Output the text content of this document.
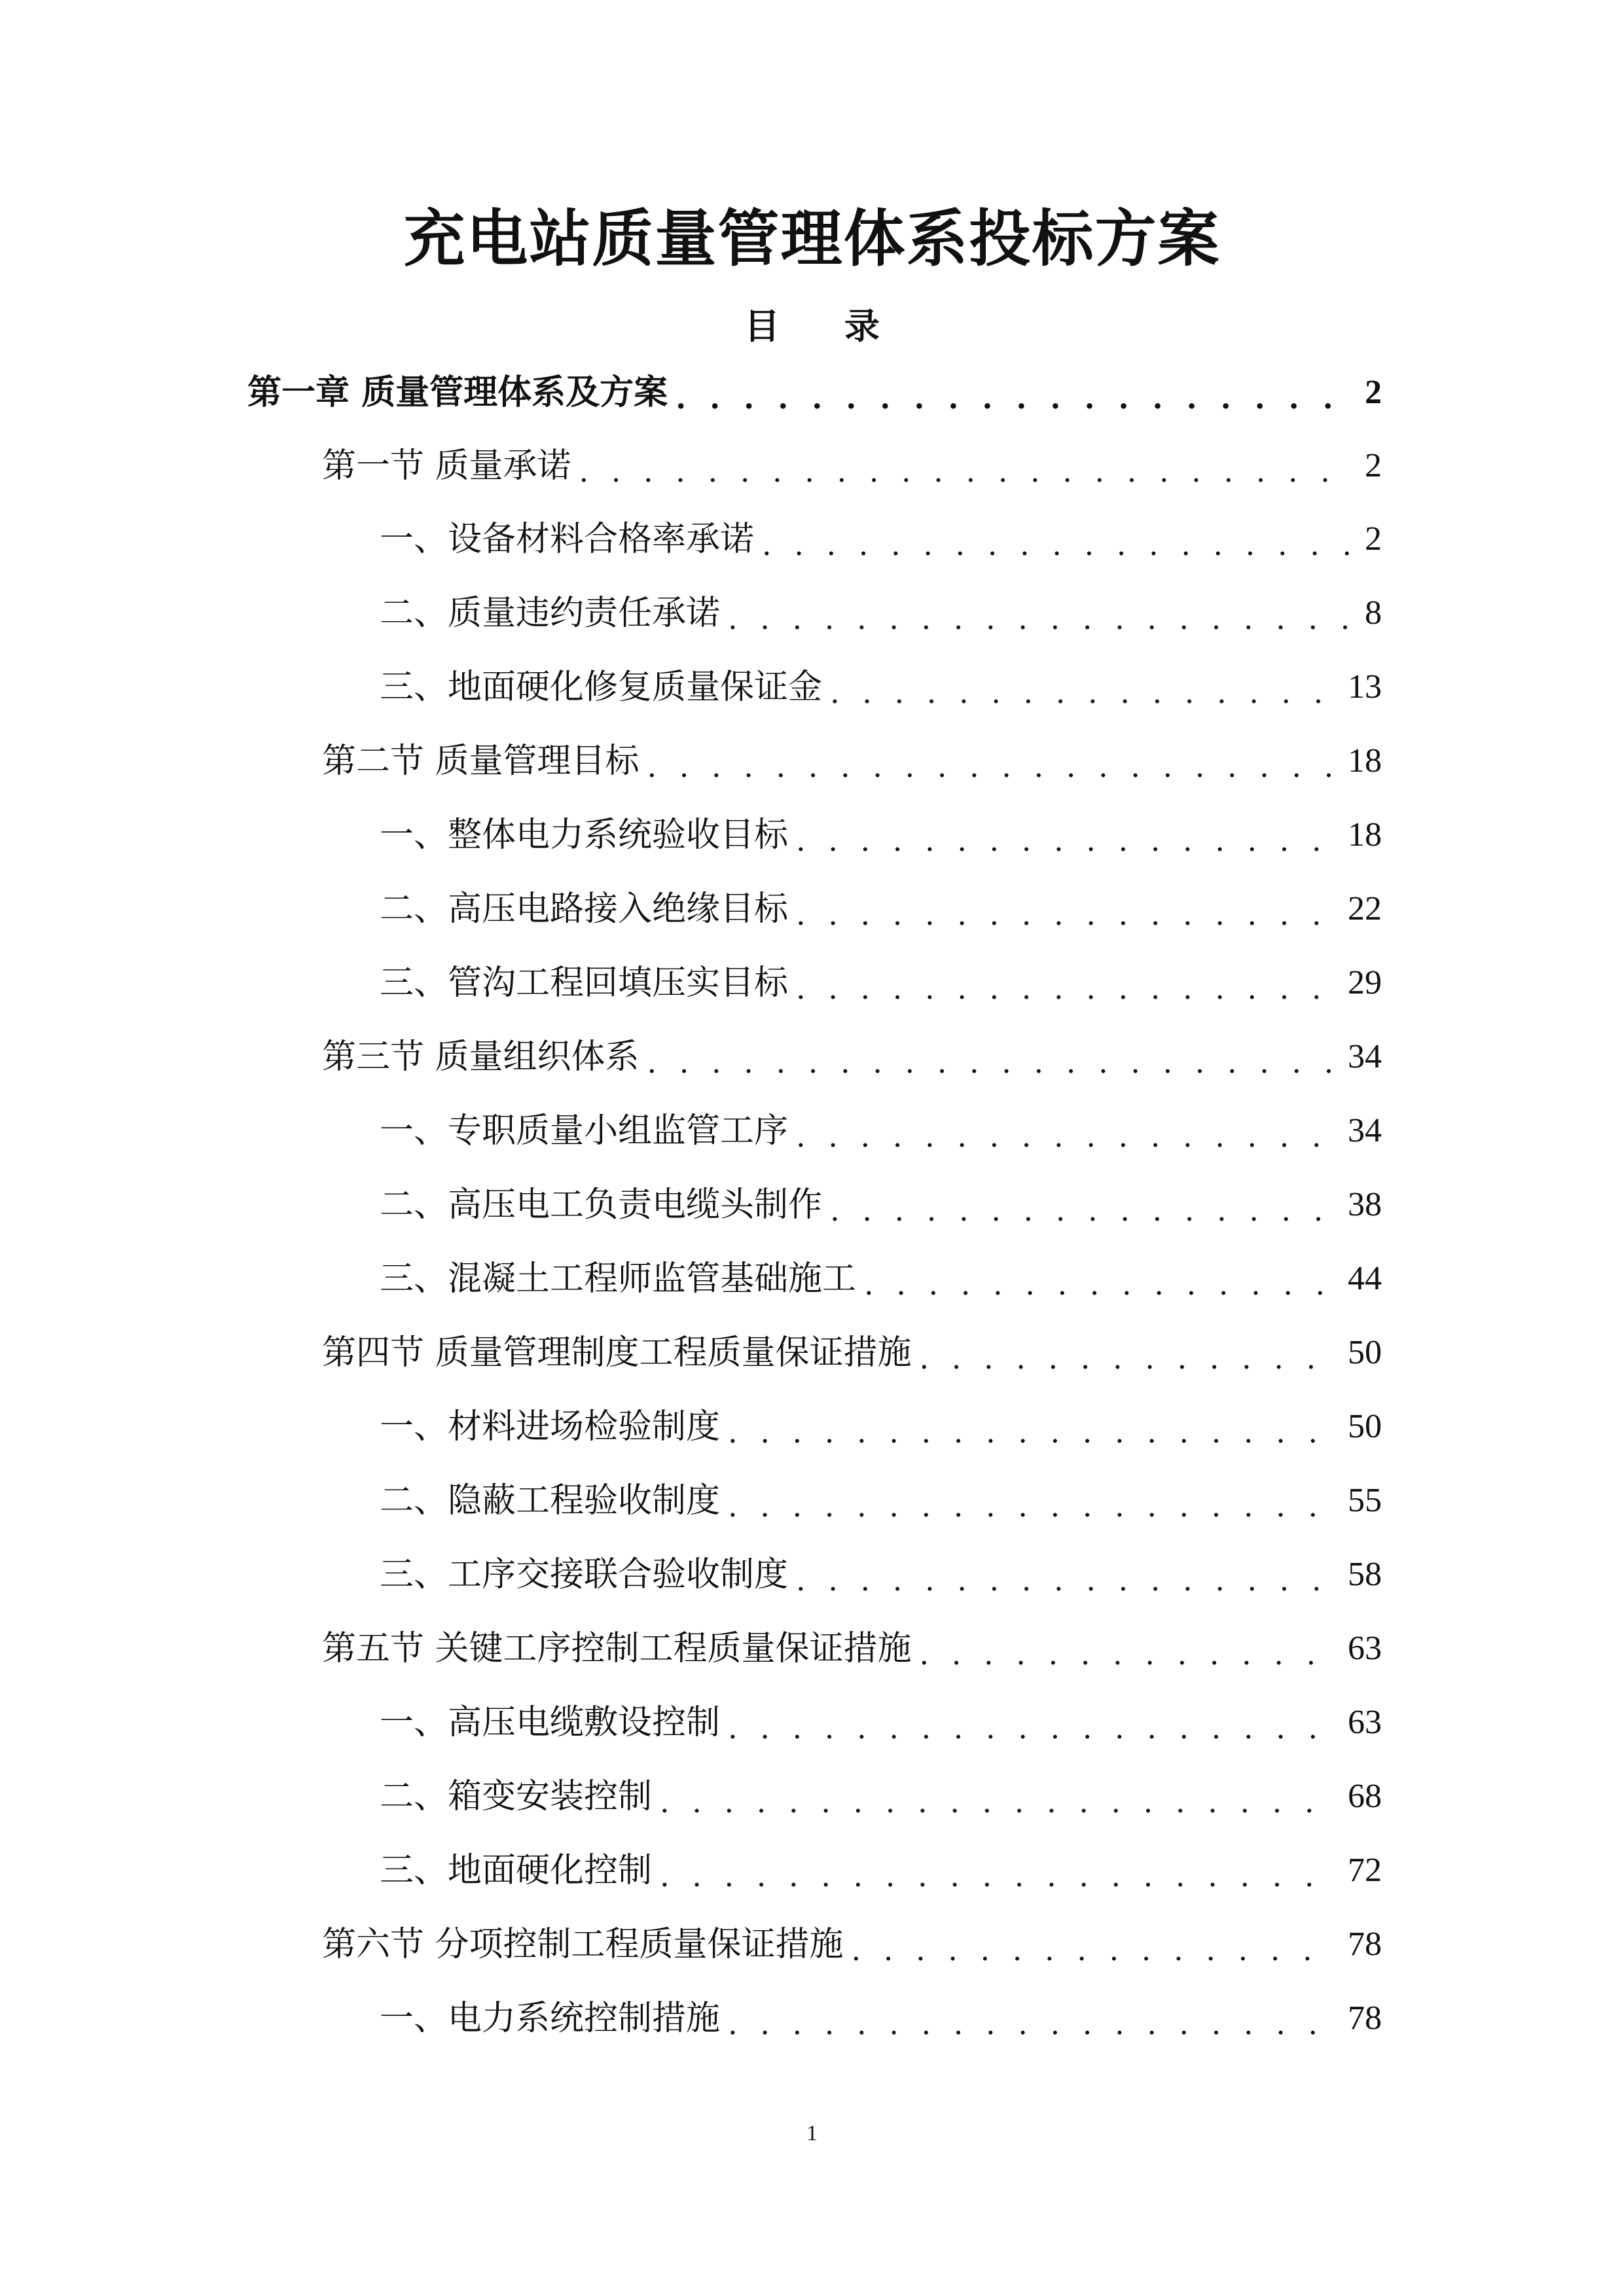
充电站质量管理体系投标方案
目 录
第一章 质量管理体系及方案 . . .	2
第一节 质量承诺 . . .	2
一、设备材料合格率承诺 . . .	2
二、质量违约责任承诺 . . .	8
三、地面硬化修复质量保证金 . . .	13
第二节 质量管理目标 . . .	18
一、整体电力系统验收目标 . . .	18
二、高压电路接入绝缘目标 . . .	22
三、管沟工程回填压实目标 . . .	29
第三节 质量组织体系 . . .	34
一、专职质量小组监管工序 . . .	34
二、高压电工负责电缆头制作 . . .	38
三、混凝土工程师监管基础施工 . . .	44
第四节 质量管理制度工程质量保证措施 . . .	50
一、材料进场检验制度 . . .	50
二、隐蔽工程验收制度 . . .	55
三、工序交接联合验收制度 . . .	58
第五节 关键工序控制工程质量保证措施 . . .	63
一、高压电缆敷设控制 . . .	63
二、箱变安装控制 . . .	68
三、地面硬化控制 . . .	72
第六节 分项控制工程质量保证措施 . . .	78
一、电力系统控制措施 . . .	78
1
